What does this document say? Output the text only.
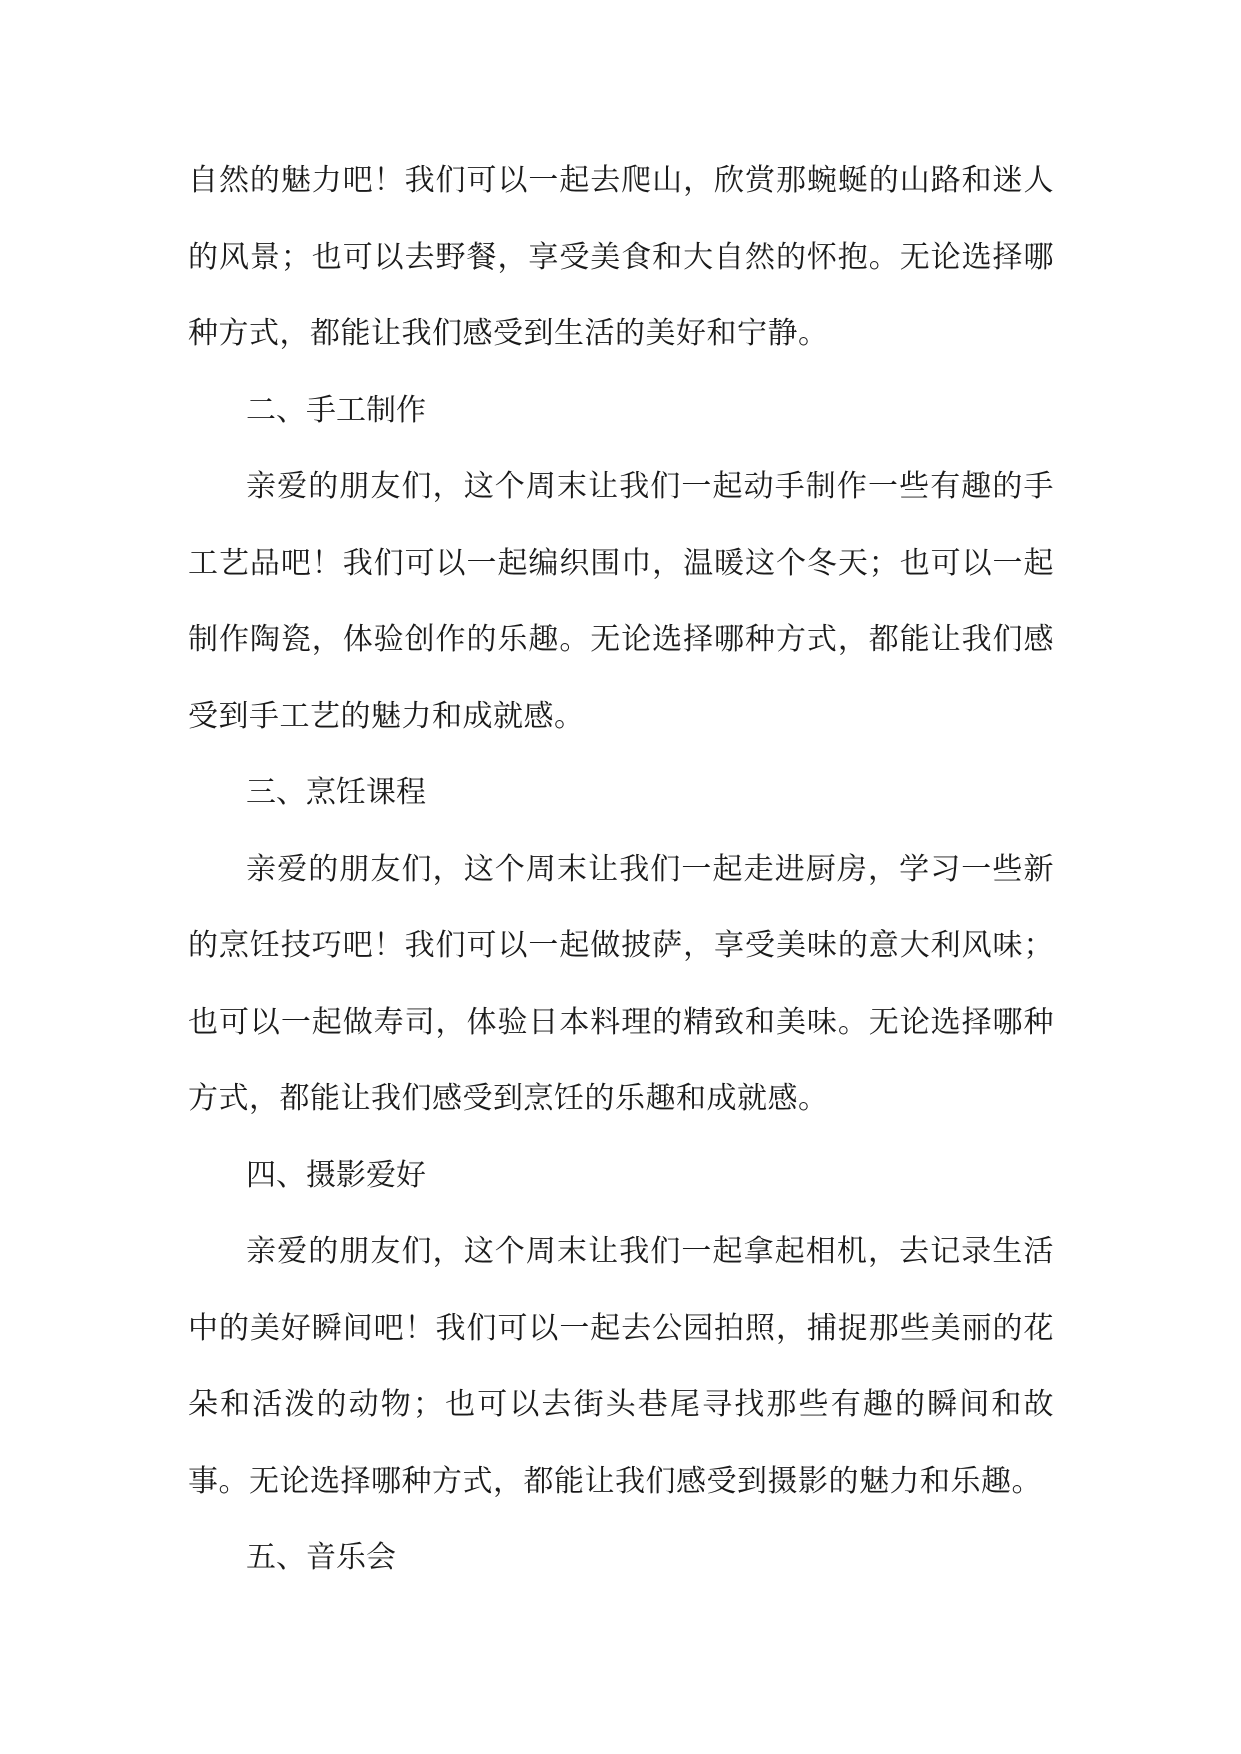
自然的魅力吧！我们可以一起去爬山，欣赏那蜿蜒的山路和迷人的风景；也可以去野餐，享受美食和大自然的怀抱。无论选择哪种方式，都能让我们感受到生活的美好和宁静。

二、手工制作

亲爱的朋友们，这个周末让我们一起动手制作一些有趣的手工艺品吧！我们可以一起编织围巾，温暖这个冬天；也可以一起制作陶瓷，体验创作的乐趣。无论选择哪种方式，都能让我们感受到手工艺的魅力和成就感。

三、烹饪课程

亲爱的朋友们，这个周末让我们一起走进厨房，学习一些新的烹饪技巧吧！我们可以一起做披萨，享受美味的意大利风味；也可以一起做寿司，体验日本料理的精致和美味。无论选择哪种方式，都能让我们感受到烹饪的乐趣和成就感。

四、摄影爱好

亲爱的朋友们，这个周末让我们一起拿起相机，去记录生活中的美好瞬间吧！我们可以一起去公园拍照，捕捉那些美丽的花朵和活泼的动物；也可以去街头巷尾寻找那些有趣的瞬间和故事。无论选择哪种方式，都能让我们感受到摄影的魅力和乐趣。

五、音乐会
